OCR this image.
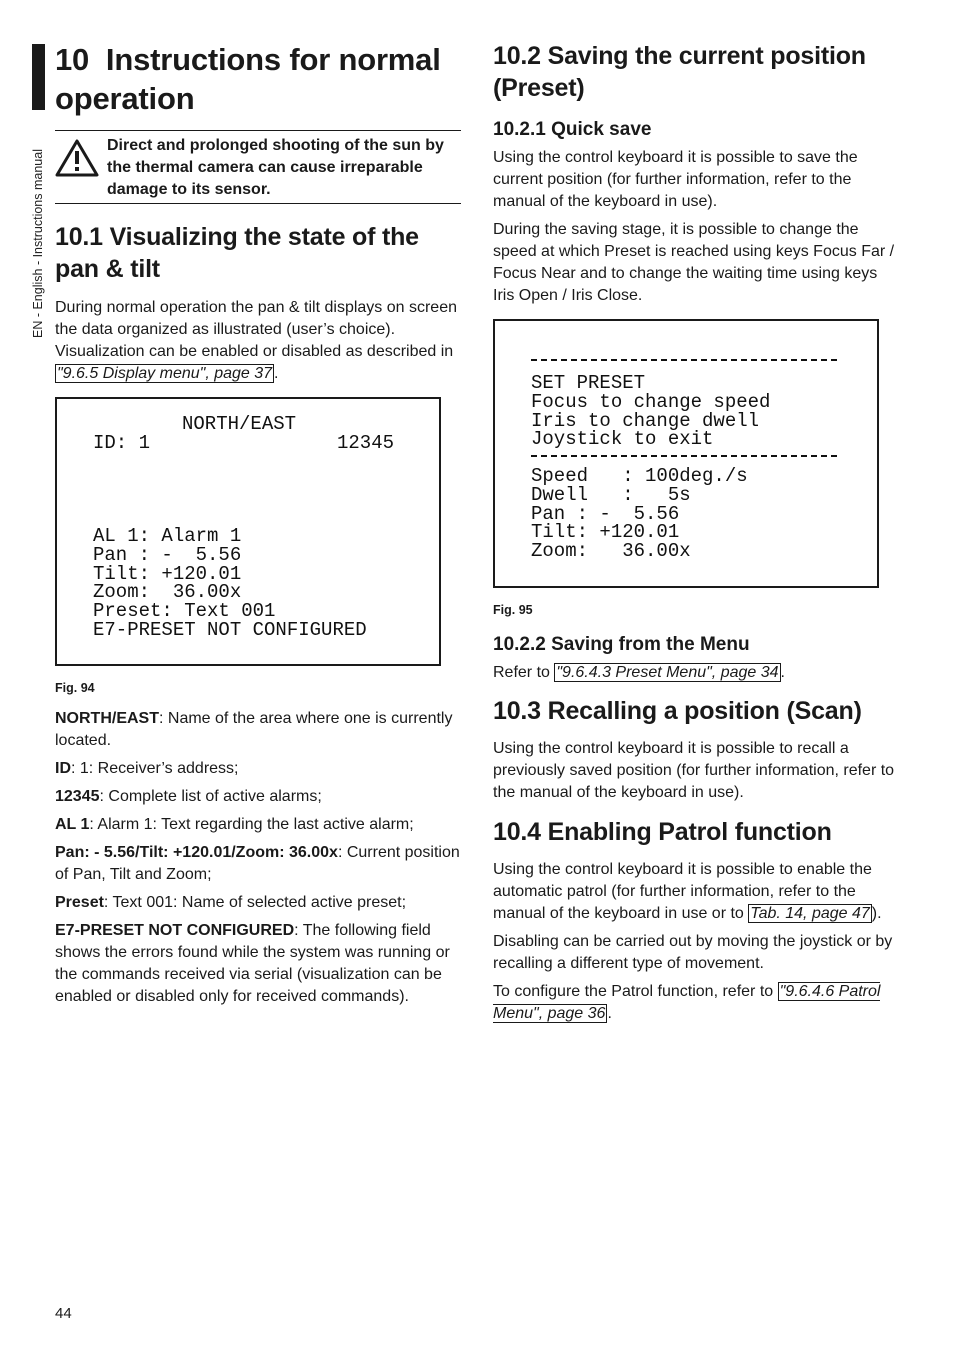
EN - English - Instructions manual
10 Instructions for normal operation
Direct and prolonged shooting of the sun by the thermal camera can cause irreparable damage to its sensor.
10.1 Visualizing the state of the pan & tilt

During normal operation the pan & tilt displays on screen the data organized as illustrated (user’s choice). Visualization can be enabled or disabled as described in "9.6.5 Display menu", page 37 .

NORTH/EAST

ID: 1

	12345

AL 1: Alarm 1

Pan : -  5.56

Tilt: +120.01

Zoom:  36.00x

Preset: Text 001

E7-PRESET NOT CONFIGURED

Fig. 94

NORTH/EAST: Name of the area where one is currently located.

ID: 1: Receiver’s address;

12345: Complete list of active alarms;

AL 1: Alarm 1: Text regarding the last active alarm;

Pan: - 5.56/Tilt: +120.01/Zoom: 36.00x: Current position of Pan, Tilt and Zoom;

Preset: Text 001: Name of selected active preset;

E7-PRESET NOT CONFIGURED: The following field shows the errors found while the system was running or the commands received via serial (visualization can be enabled or disabled only for received commands).

10.2 Saving the current position (Preset)
10.2.1 Quick save

Using the control keyboard it is possible to save the current position (for further information, refer to the manual of the keyboard in use).

During the saving stage, it is possible to change the speed at which Preset is reached using keys Focus Far / Focus Near and to change the waiting time using keys Iris Open / Iris Close.

SET PRESET

Focus to change speed

Iris to change dwell

Joystick to exit

Speed   : 100deg./s

Dwell   :   5s

Pan : -  5.56

Tilt: +120.01

Zoom:   36.00x

Fig. 95
10.2.2 Saving from the Menu

Refer to "9.6.4.3 Preset Menu", page 34 .

10.3 Recalling a position (Scan)

Using the control keyboard it is possible to recall a previously saved position (for further information, refer to the manual of the keyboard in use).

10.4 Enabling Patrol function

Using the control keyboard it is possible to enable the automatic patrol (for further information, refer to the manual of the keyboard in use or to Tab. 14, page 47 ).

Disabling can be carried out by moving the joystick or by recalling a different type of movement.

To configure the Patrol function, refer to "9.6.4.6 Patrol Menu", page 36 .

44
